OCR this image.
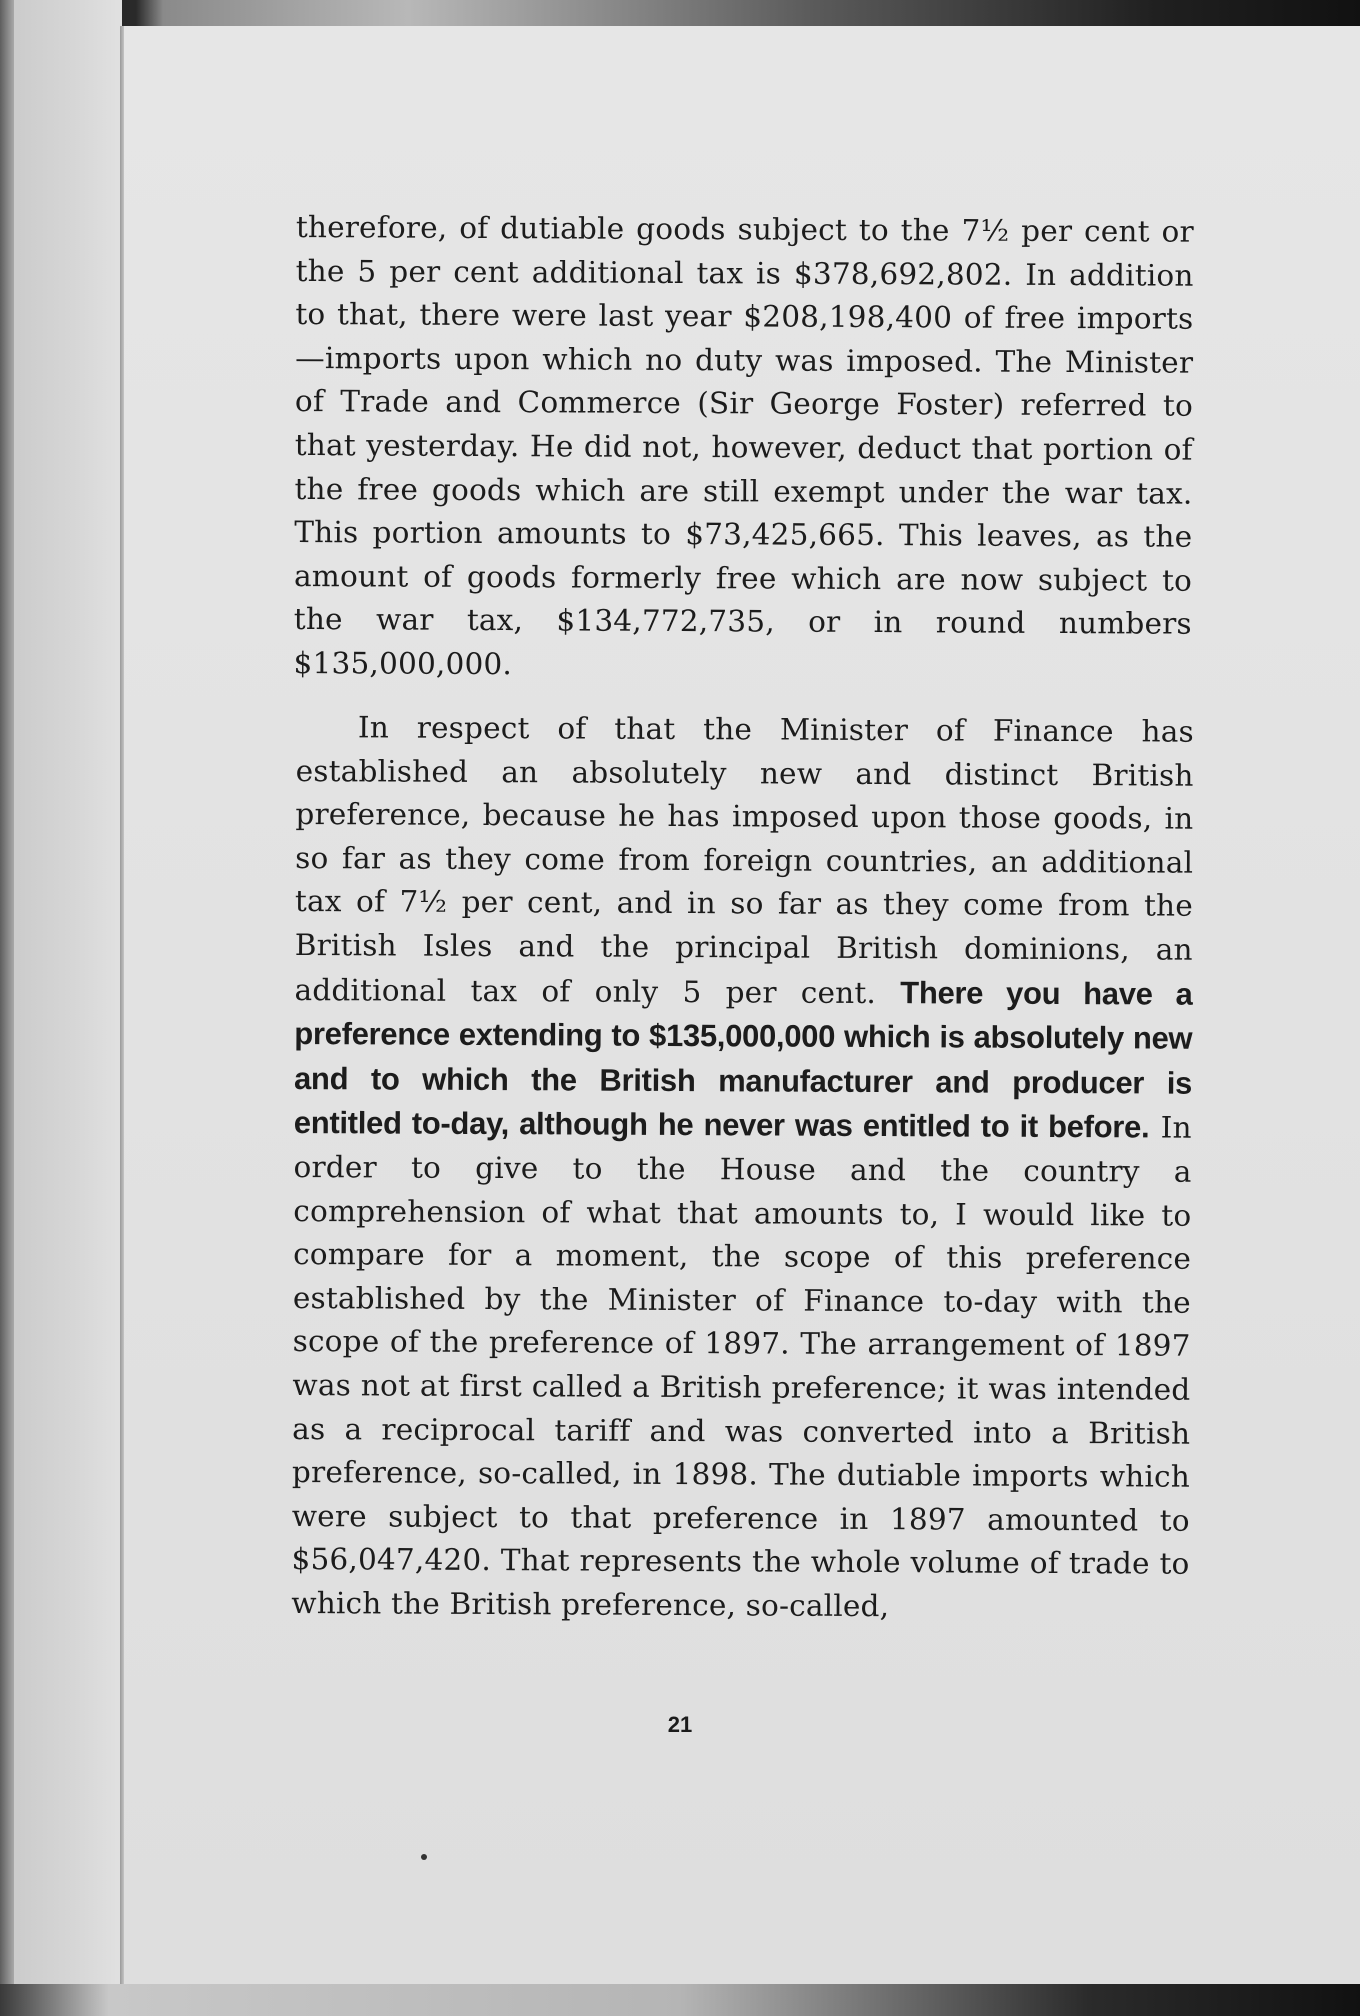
therefore, of dutiable goods subject to the 7½ per cent or the 5 per cent additional tax is $378,692,802. In addition to that, there were last year $208,198,400 of free imports—imports upon which no duty was imposed. The Minister of Trade and Commerce (Sir George Foster) referred to that yesterday. He did not, however, deduct that portion of the free goods which are still exempt under the war tax. This portion amounts to $73,425,665. This leaves, as the amount of goods formerly free which are now subject to the war tax, $134,772,735, or in round numbers $135,000,000.

In respect of that the Minister of Finance has established an absolutely new and distinct British preference, because he has imposed upon those goods, in so far as they come from foreign countries, an additional tax of 7½ per cent, and in so far as they come from the British Isles and the principal British dominions, an additional tax of only 5 per cent. There you have a preference extending to $135,000,000 which is absolutely new and to which the British manufacturer and producer is entitled to-day, although he never was entitled to it before. In order to give to the House and the country a comprehension of what that amounts to, I would like to compare for a moment, the scope of this preference established by the Minister of Finance to-day with the scope of the preference of 1897. The arrangement of 1897 was not at first called a British preference; it was intended as a reciprocal tariff and was converted into a British preference, so-called, in 1898. The dutiable imports which were subject to that preference in 1897 amounted to $56,047,420. That represents the whole volume of trade to which the British preference, so-called,

21
